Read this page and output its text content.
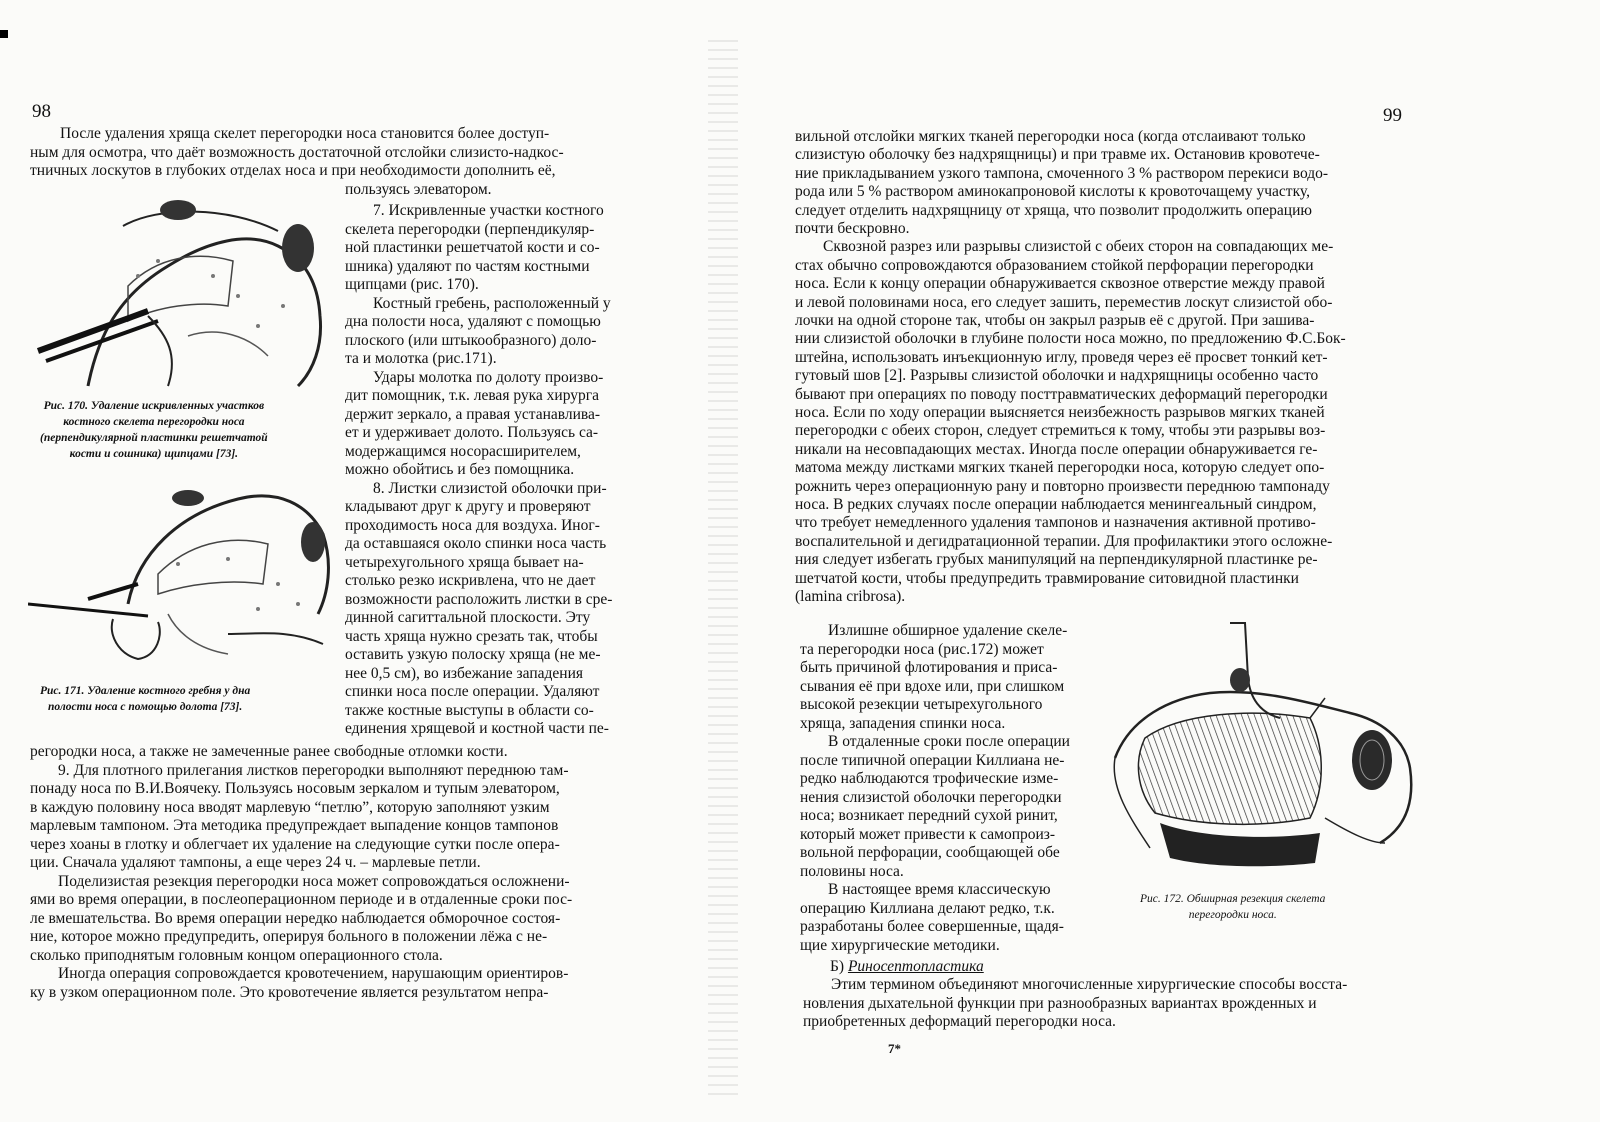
98
После удаления хряща скелет перегородки носа становится более доступ-
ным для осмотра, что даёт возможность достаточной отслойки слизисто-надкос-
тничных лоскутов в глубоких отделах носа и при необходимости дополнить её,
пользуясь элеватором.
7. Искривленные участки костного
скелета перегородки (перпендикуляр-
ной пластинки решетчатой кости и со-
шника) удаляют по частям костными
щипцами (рис. 170).
Костный гребень, расположенный у
дна полости носа, удаляют с помощью
плоского (или штыкообразного) доло-
та и молотка (рис.171).
Удары молотка по долоту произво-
дит помощник, т.к. левая рука хирурга
держит зеркало, а правая устанавлива-
ет и удерживает долото. Пользуясь са-
модержащимся носорасширителем,
можно обойтись и без помощника.
8. Листки слизистой оболочки при-
кладывают друг к другу и проверяют
проходимость носа для воздуха. Иног-
да оставшаяся около спинки носа часть
четырехугольного хряща бывает на-
столько резко искривлена, что не дает
возможности расположить листки в сре-
динной сагиттальной плоскости. Эту
часть хряща нужно срезать так, чтобы
оставить узкую полоску хряща (не ме-
нее 0,5 см), во избежание западения
спинки носа после операции. Удаляют
также костные выступы в области со-
единения хрящевой и костной части пе-
регородки носа, а также не замеченные ранее свободные отломки кости.
9. Для плотного прилегания листков перегородки выполняют переднюю там-
понаду носа по В.И.Воячеку. Пользуясь носовым зеркалом и тупым элеватором,
в каждую половину носа вводят марлевую “петлю”, которую заполняют узким
марлевым тампоном. Эта методика предупреждает выпадение концов тампонов
через хоаны в глотку и облегчает их удаление на следующие сутки после опера-
ции. Сначала удаляют тампоны, а еще через 24 ч. – марлевые петли.
Поделизистая резекция перегородки носа может сопровождаться осложнени-
ями во время операции, в послеоперационном периоде и в отдаленные сроки пос-
ле вмешательства. Во время операции нередко наблюдается обморочное состоя-
ние, которое можно предупредить, оперируя больного в положении лёжа с не-
сколько приподнятым головным концом операционного стола.
Иногда операция сопровождается кровотечением, нарушающим ориентиров-
ку в узком операционном поле. Это кровотечение является результатом непра-
Рис. 170. Удаление искривленных участков
костного скелета перегородки носа
(перпендикулярной пластинки решетчатой
кости и сошника) щипцами [73].
Рис. 171. Удаление костного гребня у дна
полости носа с помощью долота [73].
99
вильной отслойки мягких тканей перегородки носа (когда отслаивают только
слизистую оболочку без надхрящницы) и при травме их. Остановив кровотече-
ние прикладыванием узкого тампона, смоченного 3 % раствором перекиси водо-
рода или 5 % раствором аминокапроновой кислоты к кровоточащему участку,
следует отделить надхрящницу от хряща, что позволит продолжить операцию
почти бескровно.
Сквозной разрез или разрывы слизистой с обеих сторон на совпадающих ме-
стах обычно сопровождаются образованием стойкой перфорации перегородки
носа. Если к концу операции обнаруживается сквозное отверстие между правой
и левой половинами носа, его следует зашить, переместив лоскут слизистой обо-
лочки на одной стороне так, чтобы он закрыл разрыв её с другой. При зашива-
нии слизистой оболочки в глубине полости носа можно, по предложению Ф.С.Бок-
штейна, использовать инъекционную иглу, проведя через её просвет тонкий кет-
гутовый шов [2]. Разрывы слизистой оболочки и надхрящницы особенно часто
бывают при операциях по поводу посттравматических деформаций перегородки
носа. Если по ходу операции выясняется неизбежность разрывов мягких тканей
перегородки с обеих сторон, следует стремиться к тому, чтобы эти разрывы воз-
никали на несовпадающих местах. Иногда после операции обнаруживается ге-
матома между листками мягких тканей перегородки носа, которую следует опо-
рожнить через операционную рану и повторно произвести переднюю тампонаду
носа. В редких случаях после операции наблюдается менингеальный синдром,
что требует немедленного удаления тампонов и назначения активной противо-
воспалительной и дегидратационной терапии. Для профилактики этого осложне-
ния следует избегать грубых манипуляций на перпендикулярной пластинке ре-
шетчатой кости, чтобы предупредить травмирование ситовидной пластинки
(lamina cribrosa).
Излишне обширное удаление скеле-
та перегородки носа (рис.172) может
быть причиной флотирования и приса-
сывания её при вдохе или, при слишком
высокой резекции четырехугольного
хряща, западения спинки носа.
В отдаленные сроки после операции
после типичной операции Киллиана не-
редко наблюдаются трофические изме-
нения слизистой оболочки перегородки
носа; возникает передний сухой ринит,
который может привести к самопроиз-
вольной перфорации, сообщающей обе
половины носа.
В настоящее время классическую
операцию Киллиана делают редко, т.к.
разработаны более совершенные, щадя-
щие хирургические методики.
Б) Риносептопластика
Этим термином объединяют многочисленные хирургические способы восста-
новления дыхательной функции при разнообразных вариантах врожденных и
приобретенных деформаций перегородки носа.
Рис. 172. Обширная резекция скелета
перегородки носа.
7*
